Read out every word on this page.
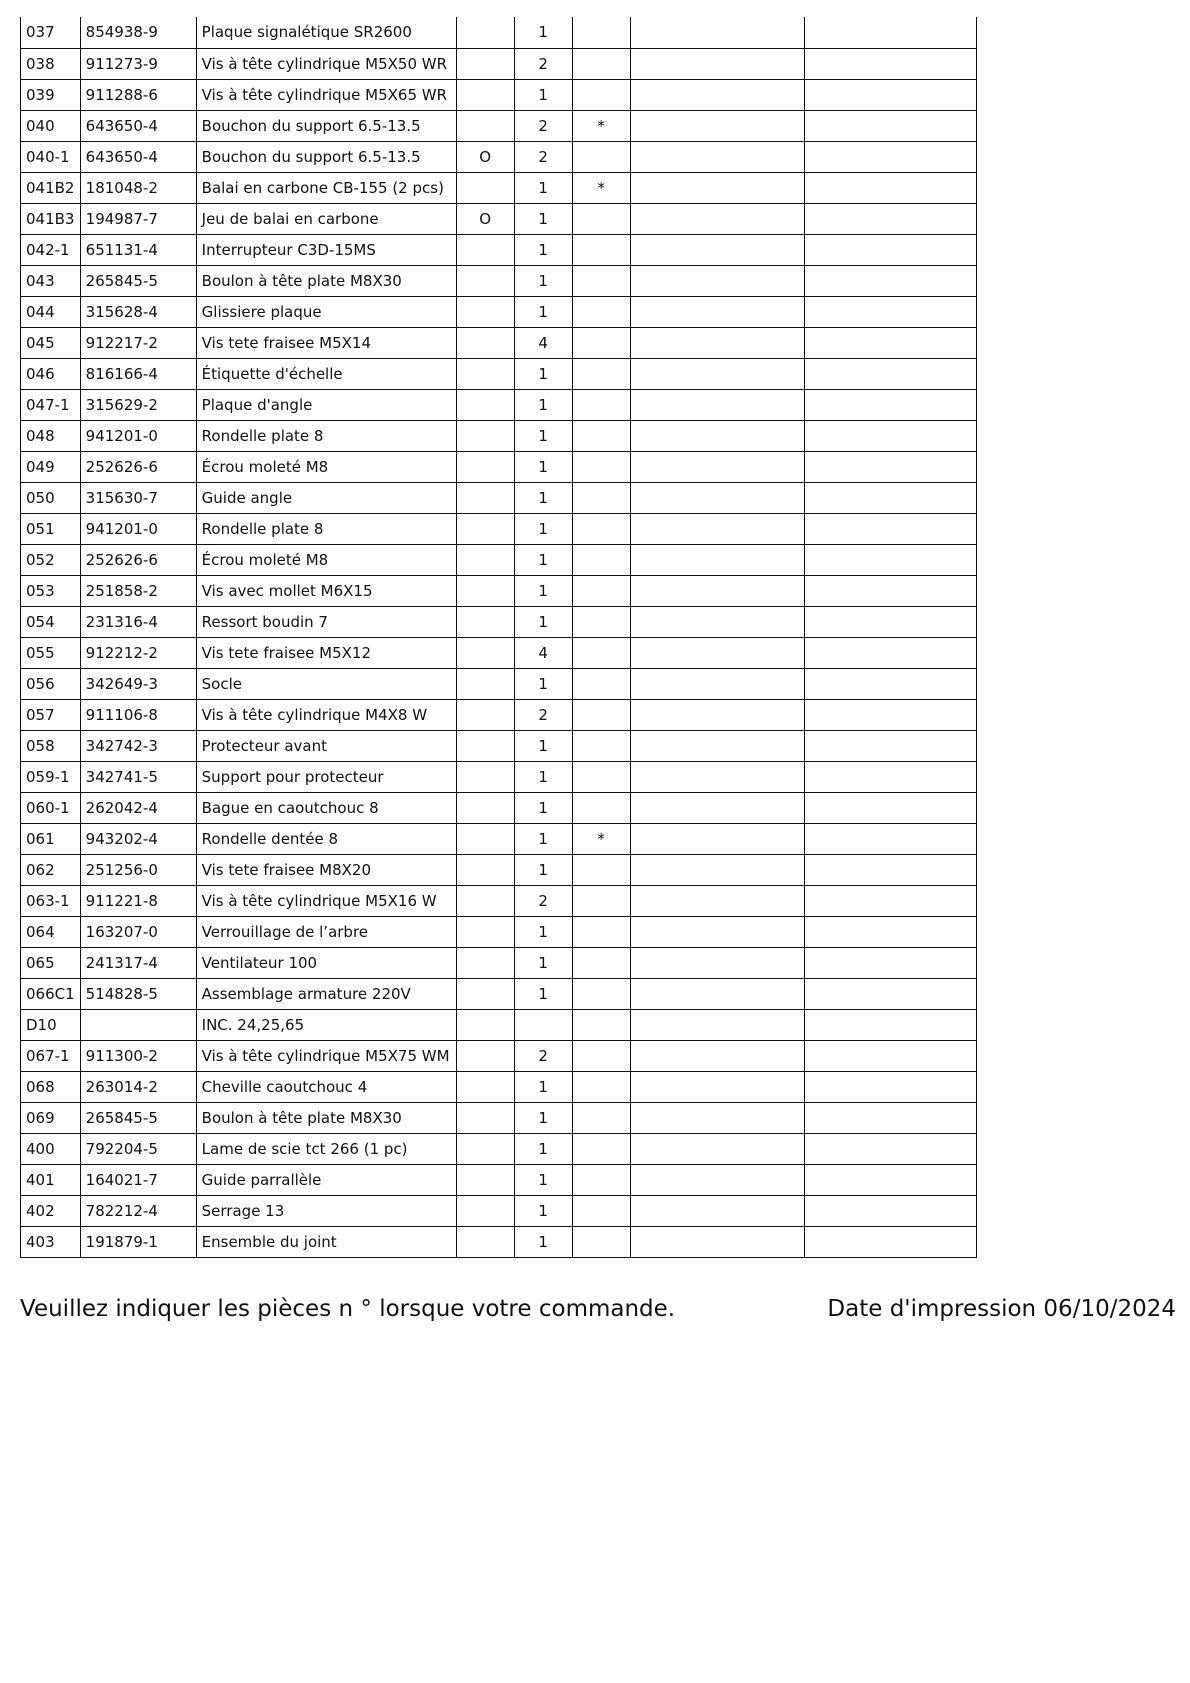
037	854938-9	Plaque signalétique SR2600		1			
038	911273-9	Vis à tête cylindrique M5X50 WR		2			
039	911288-6	Vis à tête cylindrique M5X65 WR		1			
040	643650-4	Bouchon du support 6.5-13.5		2	*		
040-1	643650-4	Bouchon du support 6.5-13.5	O	2			
041B2	181048-2	Balai en carbone CB-155 (2 pcs)		1	*		
041B3	194987-7	Jeu de balai en carbone	O	1			
042-1	651131-4	Interrupteur C3D-15MS		1			
043	265845-5	Boulon à tête plate M8X30		1			
044	315628-4	Glissiere plaque		1			
045	912217-2	Vis tete fraisee M5X14		4			
046	816166-4	Étiquette d'échelle		1			
047-1	315629-2	Plaque d'angle		1			
048	941201-0	Rondelle plate 8		1			
049	252626-6	Écrou moleté M8		1			
050	315630-7	Guide angle		1			
051	941201-0	Rondelle plate 8		1			
052	252626-6	Écrou moleté M8		1			
053	251858-2	Vis avec mollet M6X15		1			
054	231316-4	Ressort boudin 7		1			
055	912212-2	Vis tete fraisee M5X12		4			
056	342649-3	Socle		1			
057	911106-8	Vis à tête cylindrique M4X8 W		2			
058	342742-3	Protecteur avant		1			
059-1	342741-5	Support pour protecteur		1			
060-1	262042-4	Bague en caoutchouc 8		1			
061	943202-4	Rondelle dentée 8		1	*		
062	251256-0	Vis tete fraisee M8X20		1			
063-1	911221-8	Vis à tête cylindrique M5X16 W		2			
064	163207-0	Verrouillage de l’arbre		1			
065	241317-4	Ventilateur 100		1			
066C1	514828-5	Assemblage armature 220V		1			
D10		INC. 24,25,65					
067-1	911300-2	Vis à tête cylindrique M5X75 WM		2			
068	263014-2	Cheville caoutchouc 4		1			
069	265845-5	Boulon à tête plate M8X30		1			
400	792204-5	Lame de scie tct 266 (1 pc)		1			
401	164021-7	Guide parrallèle		1			
402	782212-4	Serrage 13		1			
403	191879-1	Ensemble du joint		1			
Veuillez indiquer les pièces n ° lorsque votre commande.	Date d'impression 06/10/2024
